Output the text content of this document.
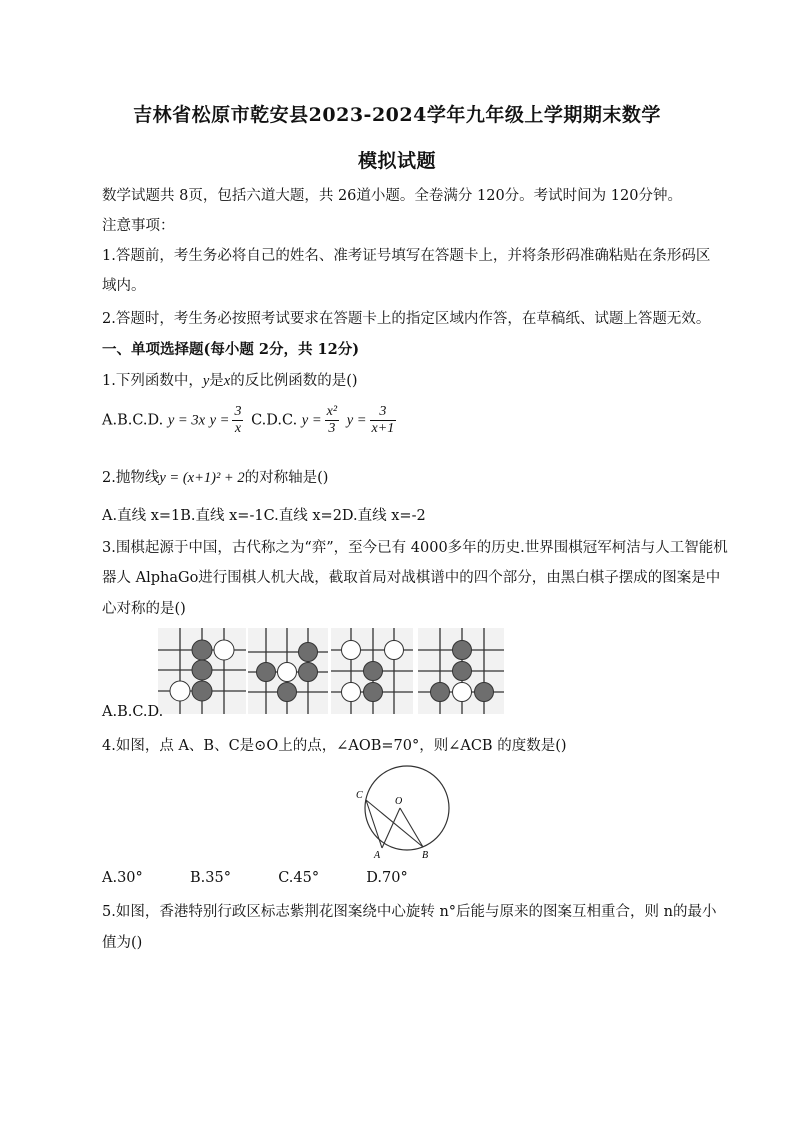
吉林省松原市乾安县2023-2024学年九年级上学期期末数学
模拟试题
数学试题共 8页，包括六道大题，共 26道小题。全卷满分 120分。考试时间为 120分钟。
注意事项：
1.答题前，考生务必将自己的姓名、准考证号填写在答题卡上，并将条形码准确粘贴在条形码区
域内。
2.答题时，考生务必按照考试要求在答题卡上的指定区域内作答，在草稿纸、试题上答题无效。
一、单项选择题(每小题 2分，共 12分)
1.下列函数中，y是x的反比例函数的是()
A.B.C.D. y = 3x $y = \frac{3}{x} C.D.C$. $y = \frac{\text{x²}}{3}$ $y = \frac{3}{x+1}$
2.抛物线y = (x+1)² + 2的对称轴是()
A.直线 x=1B.直线 x=-1C.直线 x=2D.直线 x=-2
3.围棋起源于中国，古代称之为“弈”，至今已有 4000多年的历史.世界围棋冠军柯洁与人工智能机
器人 AlphaGo进行围棋人机大战，截取首局对战棋谱中的四个部分，由黑白棋子摆成的图案是中
心对称的是()
A.B.C.D.
4.如图，点 A、B、C是⊙O上的点，∠AOB=70°，则∠ACB 的度数是()
C
O
A	B
A.30°	B.35°	C.45°	D.70°
5.如图，香港特别行政区标志紫荆花图案绕中心旋转 n°后能与原来的图案互相重合，则 n的最小
值为()
